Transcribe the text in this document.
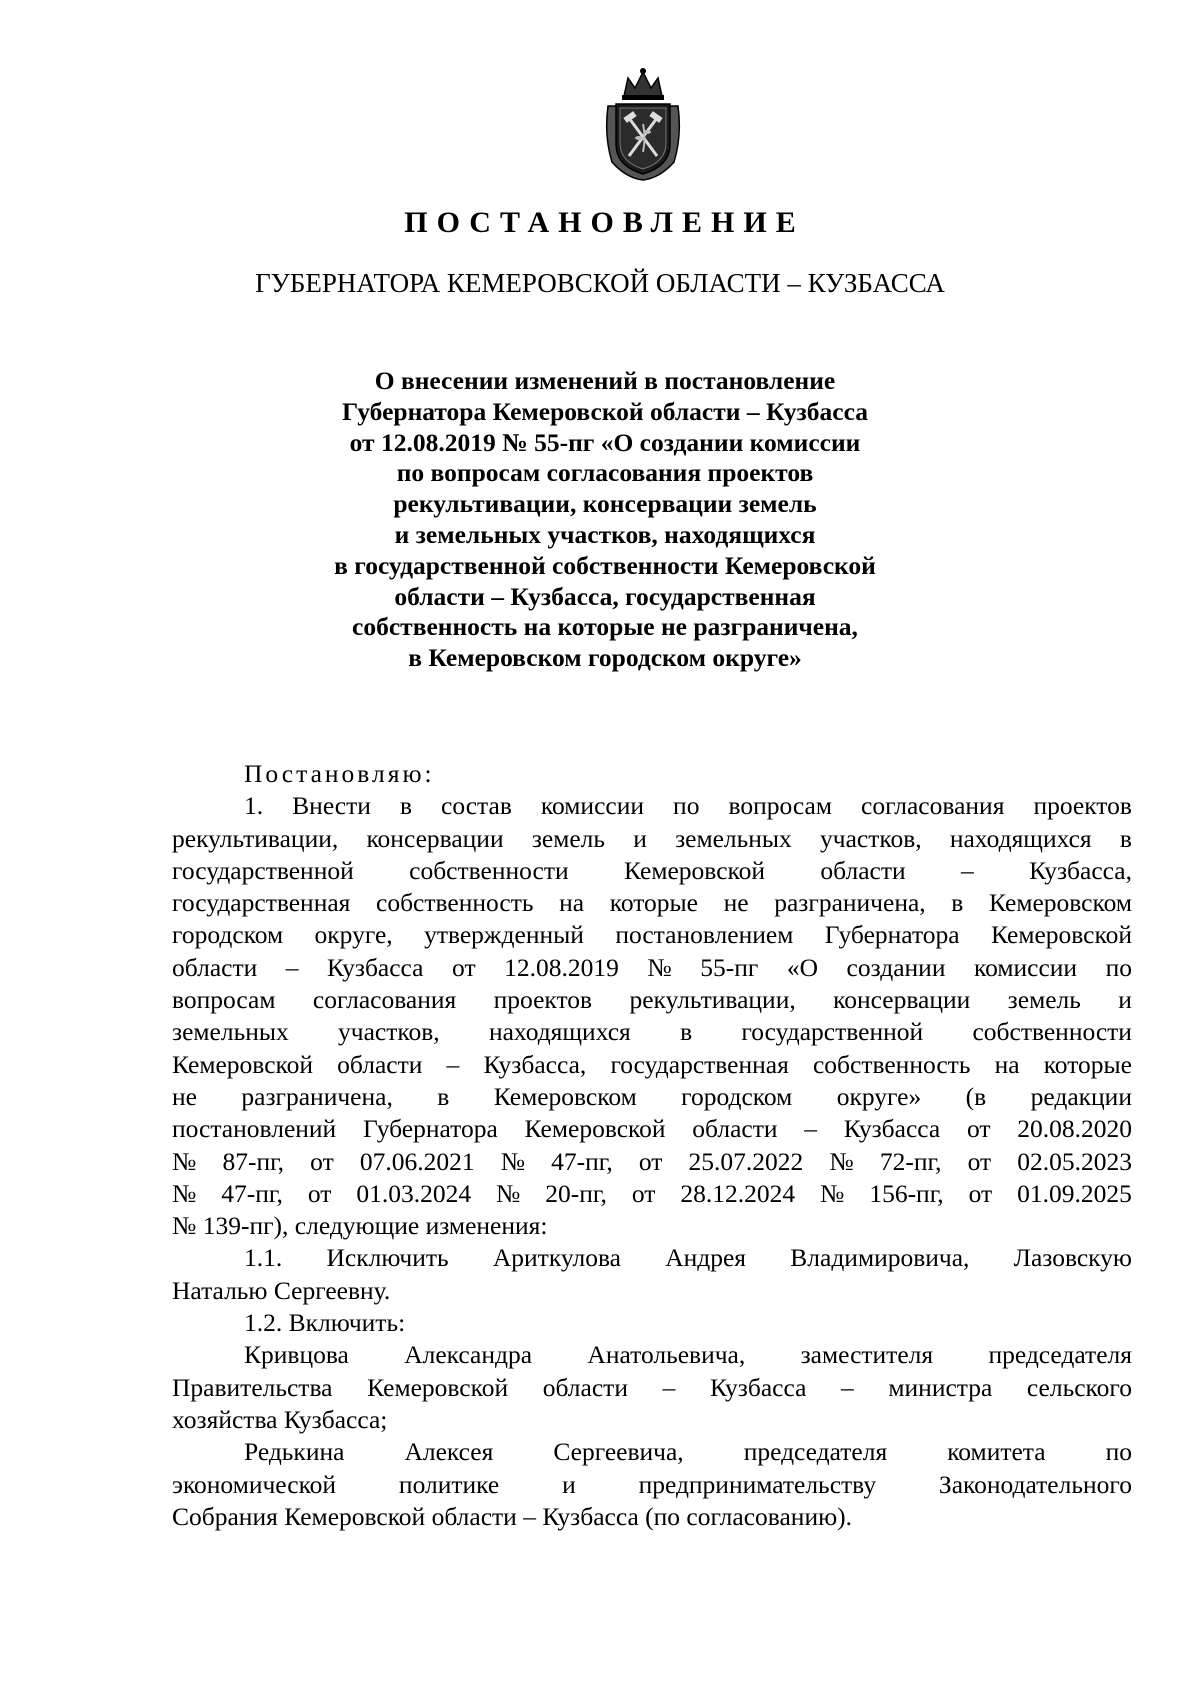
ПОСТАНОВЛЕНИЕ
ГУБЕРНАТОРА КЕМЕРОВСКОЙ ОБЛАСТИ – КУЗБАССА
О внесении изменений в постановление
Губернатора Кемеровской области – Кузбасса
от 12.08.2019 № 55-пг «О создании комиссии
по вопросам согласования проектов
рекультивации, консервации земель
и земельных участков, находящихся
в государственной собственности Кемеровской
области – Кузбасса, государственная
собственность на которые не разграничена,
в Кемеровском городском округе»
Постановляю:
1. Внести в состав комиссии по вопросам согласования проектов
рекультивации, консервации земель и земельных участков, находящихся в
государственной собственности Кемеровской области – Кузбасса,
государственная собственность на которые не разграничена, в Кемеровском
городском округе, утвержденный постановлением Губернатора Кемеровской
области – Кузбасса от 12.08.2019 № 55-пг «О создании комиссии по
вопросам согласования проектов рекультивации, консервации земель и
земельных участков, находящихся в государственной собственности
Кемеровской области – Кузбасса, государственная собственность на которые
не разграничена, в Кемеровском городском округе» (в редакции
постановлений Губернатора Кемеровской области – Кузбасса от 20.08.2020
№ 87-пг, от 07.06.2021 № 47-пг, от 25.07.2022 № 72-пг, от 02.05.2023
№ 47-пг, от 01.03.2024 № 20-пг, от 28.12.2024 № 156-пг, от 01.09.2025
№ 139-пг), следующие изменения:
1.1. Исключить Ариткулова Андрея Владимировича, Лазовскую
Наталью Сергеевну.
1.2. Включить:
Кривцова Александра Анатольевича, заместителя председателя
Правительства Кемеровской области – Кузбасса – министра сельского
хозяйства Кузбасса;
Редькина Алексея Сергеевича, председателя комитета по
экономической политике и предпринимательству Законодательного
Собрания Кемеровской области – Кузбасса (по согласованию).
